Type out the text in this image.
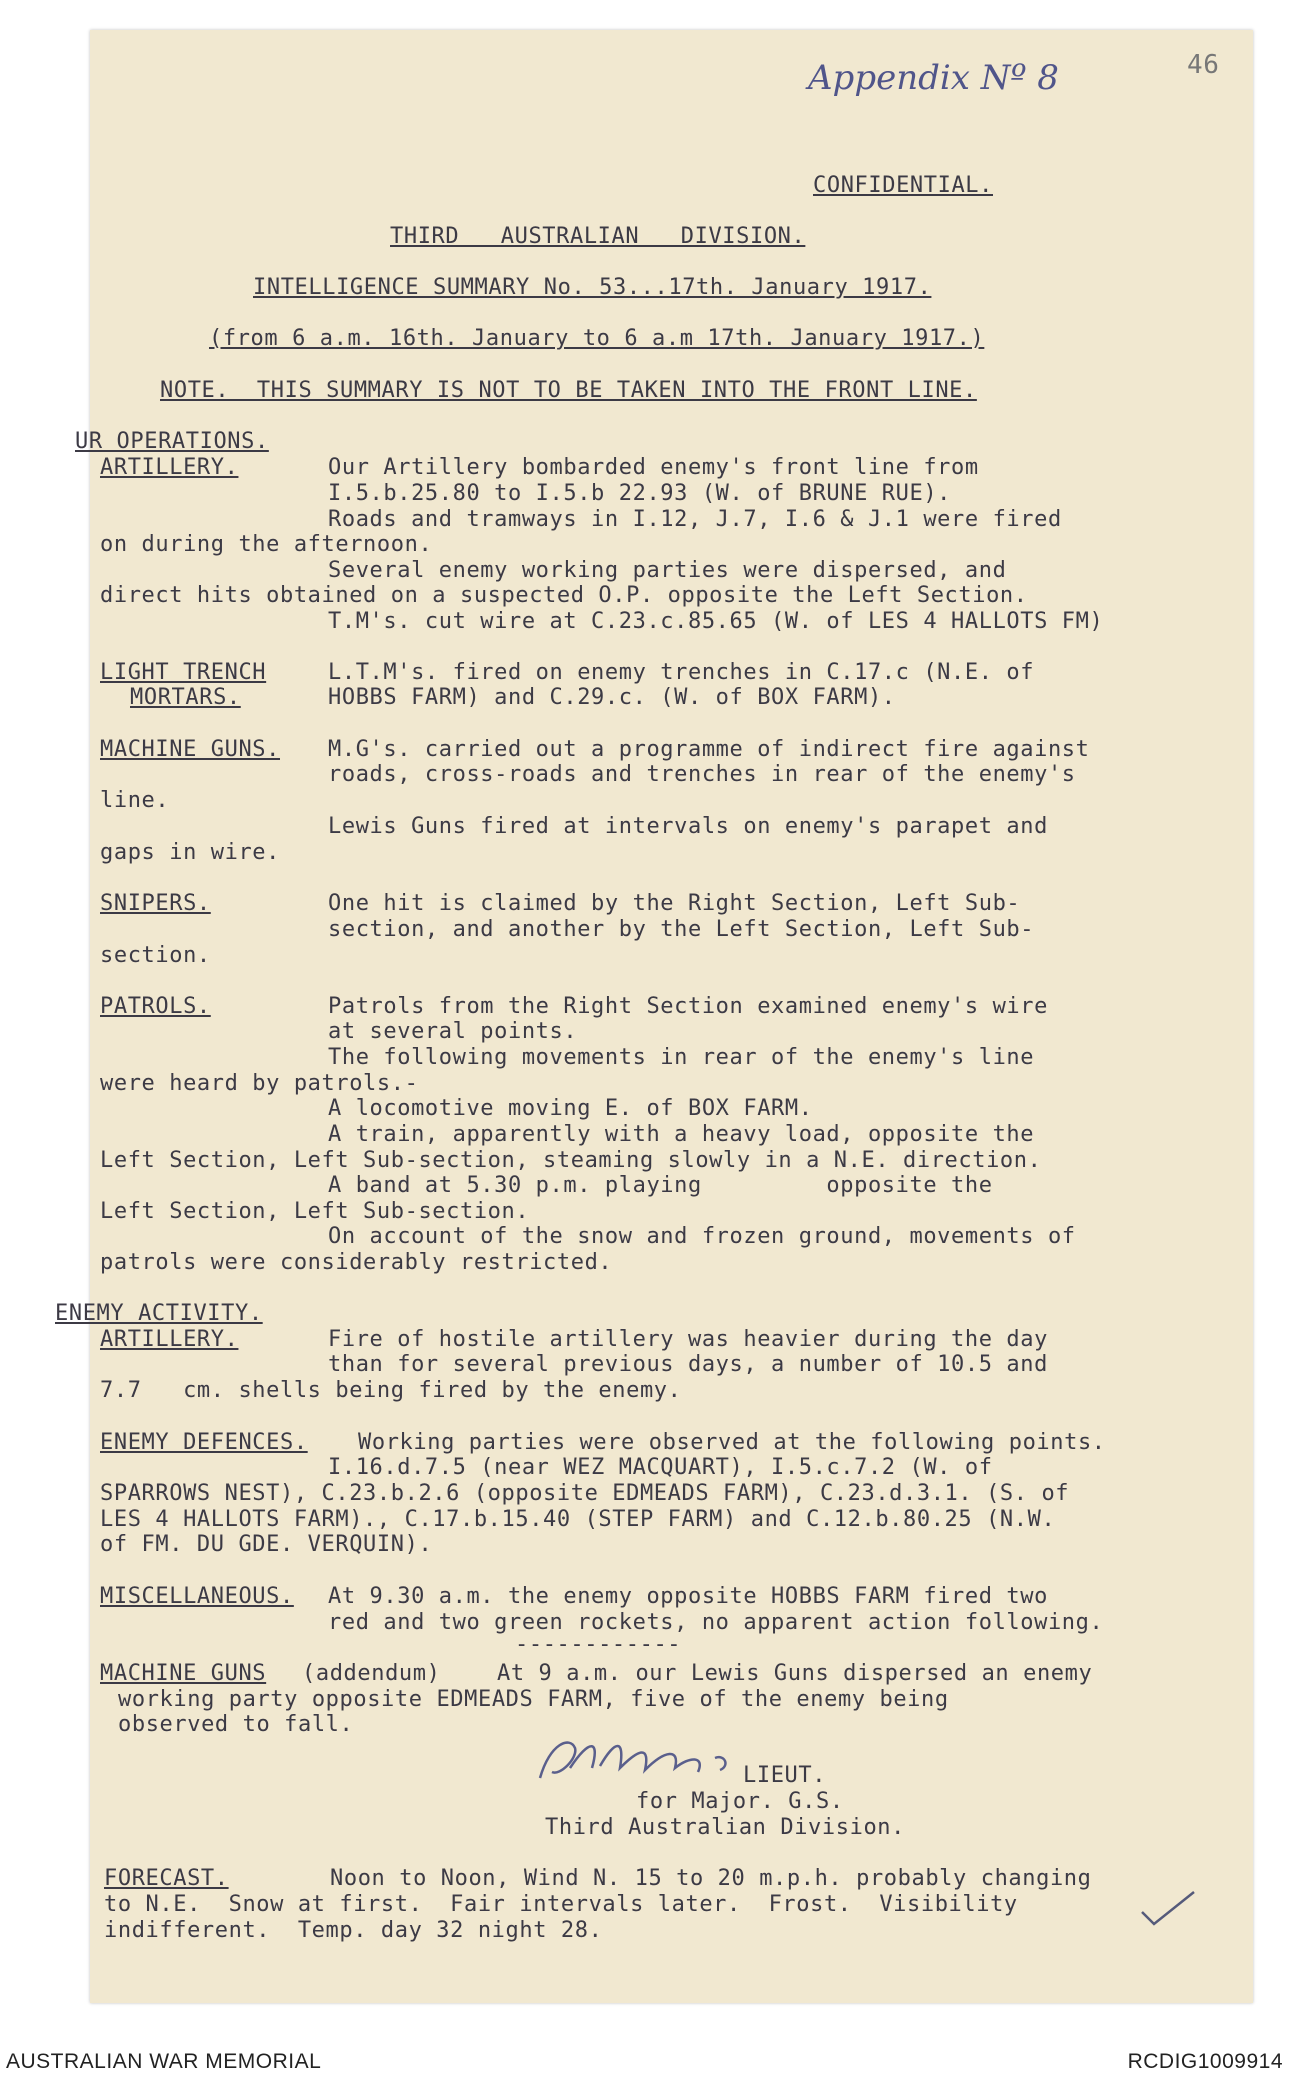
Appendix Nº 8	46
CONFIDENTIAL.
THIRD   AUSTRALIAN   DIVISION.
INTELLIGENCE SUMMARY No. 53...17th. January 1917.
(from 6 a.m. 16th. January to 6 a.m 17th. January 1917.)
NOTE.  THIS SUMMARY IS NOT TO BE TAKEN INTO THE FRONT LINE.
UR OPERATIONS.
ARTILLERY.	Our Artillery bombarded enemy's front line from
I.5.b.25.80 to I.5.b 22.93 (W. of BRUNE RUE).
Roads and tramways in I.12, J.7, I.6 & J.1 were fired
on during the afternoon.
Several enemy working parties were dispersed, and
direct hits obtained on a suspected O.P. opposite the Left Section.
T.M's. cut wire at C.23.c.85.65 (W. of LES 4 HALLOTS FM)
LIGHT TRENCH
MORTARS.
L.T.M's. fired on enemy trenches in C.17.c (N.E. of
HOBBS FARM) and C.29.c. (W. of BOX FARM).
MACHINE GUNS. M.G's. carried out a programme of indirect fire against
roads, cross-roads and trenches in rear of the enemy's
line.
Lewis Guns fired at intervals on enemy's parapet and
gaps in wire.
SNIPERS.	One hit is claimed by the Right Section, Left Sub-
section, and another by the Left Section, Left Sub-
section.
PATROLS.	Patrols from the Right Section examined enemy's wire
at several points.
The following movements in rear of the enemy's line
were heard by patrols.-
A locomotive moving E. of BOX FARM.
A train, apparently with a heavy load, opposite the
Left Section, Left Sub-section, steaming slowly in a N.E. direction.
A band at 5.30 p.m. playing         opposite the
Left Section, Left Sub-section.
On account of the snow and frozen ground, movements of
patrols were considerably restricted.
ENEMY ACTIVITY.
ARTILLERY.	Fire of hostile artillery was heavier during the day
than for several previous days, a number of 10.5 and
7.7   cm. shells being fired by the enemy.
ENEMY DEFENCES. Working parties were observed at the following points.
I.16.d.7.5 (near WEZ MACQUART), I.5.c.7.2 (W. of
SPARROWS NEST), C.23.b.2.6 (opposite EDMEADS FARM), C.23.d.3.1. (S. of
LES 4 HALLOTS FARM)., C.17.b.15.40 (STEP FARM) and C.12.b.80.25 (N.W.
of FM. DU GDE. VERQUIN).
MISCELLANEOUS. At 9.30 a.m. the enemy opposite HOBBS FARM fired two
red and two green rockets, no apparent action following.
------------
MACHINE GUNS (addendum)	At 9 a.m. our Lewis Guns dispersed an enemy
working party opposite EDMEADS FARM, five of the enemy being
observed to fall.
LIEUT.
for Major. G.S.
Third Australian Division.
FORECAST.	Noon to Noon, Wind N. 15 to 20 m.p.h. probably changing
to N.E.  Snow at first.  Fair intervals later.  Frost.  Visibility
indifferent.  Temp. day 32 night 28.
AUSTRALIAN WAR MEMORIAL	RCDIG1009914
